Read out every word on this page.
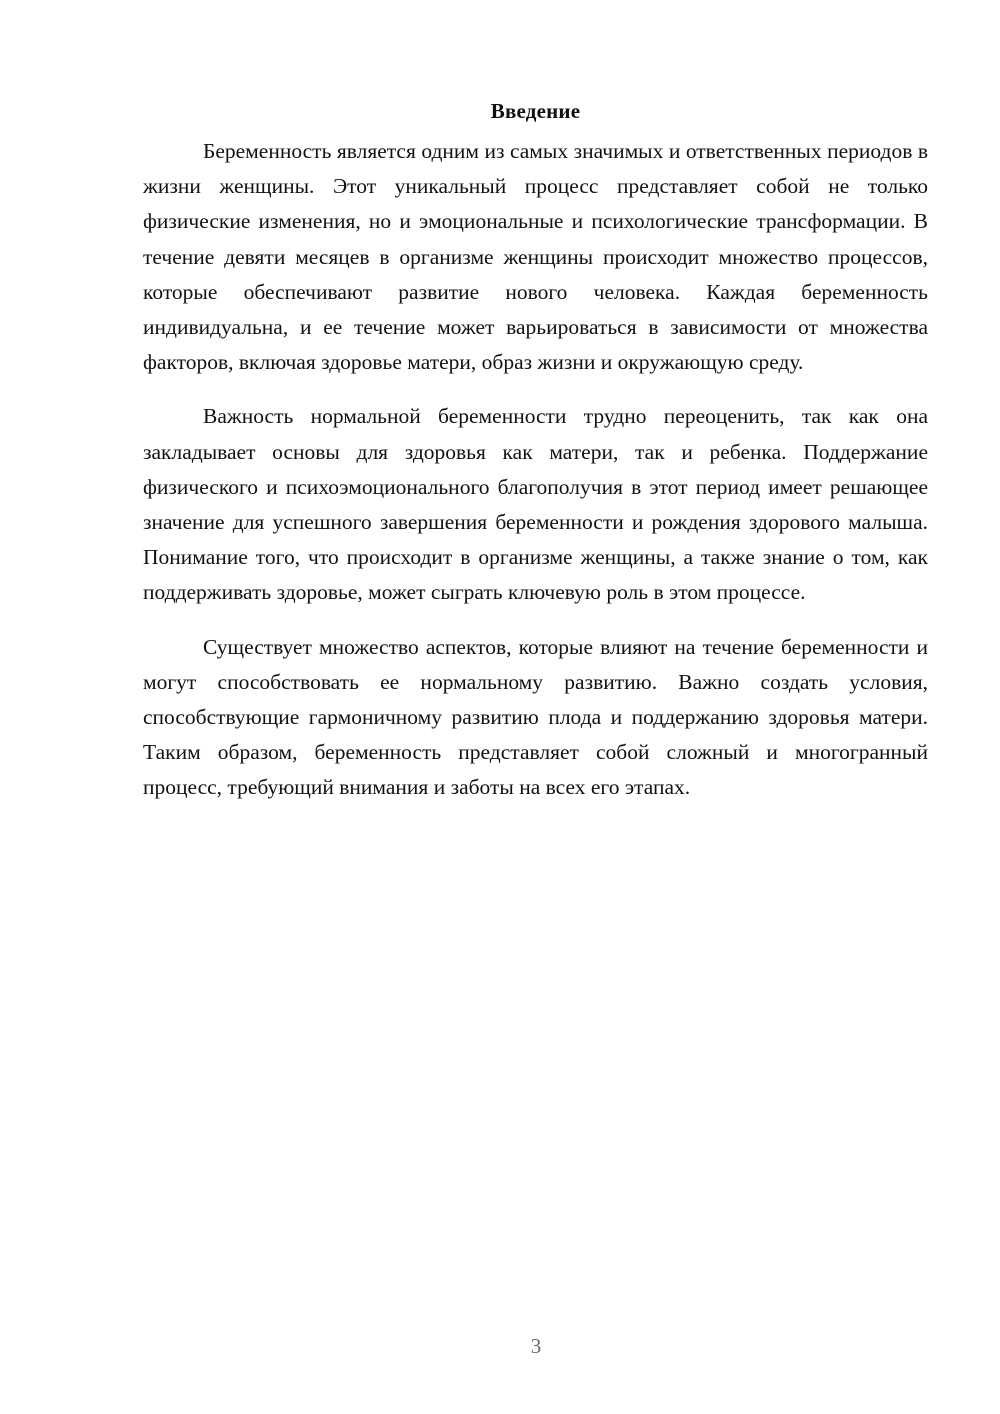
Введение

Беременность является одним из самых значимых и ответственных периодов в жизни женщины. Этот уникальный процесс представляет собой не только физические изменения, но и эмоциональные и психологические трансформации. В течение девяти месяцев в организме женщины происходит множество процессов, которые обеспечивают развитие нового человека. Каждая беременность индивидуальна, и ее течение может варьироваться в зависимости от множества факторов, включая здоровье матери, образ жизни и окружающую среду.

Важность нормальной беременности трудно переоценить, так как она закладывает основы для здоровья как матери, так и ребенка. Поддержание физического и психоэмоционального благополучия в этот период имеет решающее значение для успешного завершения беременности и рождения здорового малыша. Понимание того, что происходит в организме женщины, а также знание о том, как поддерживать здоровье, может сыграть ключевую роль в этом процессе.

Существует множество аспектов, которые влияют на течение беременности и могут способствовать ее нормальному развитию. Важно создать условия, способствующие гармоничному развитию плода и поддержанию здоровья матери. Таким образом, беременность представляет собой сложный и многогранный процесс, требующий внимания и заботы на всех его этапах.

3
